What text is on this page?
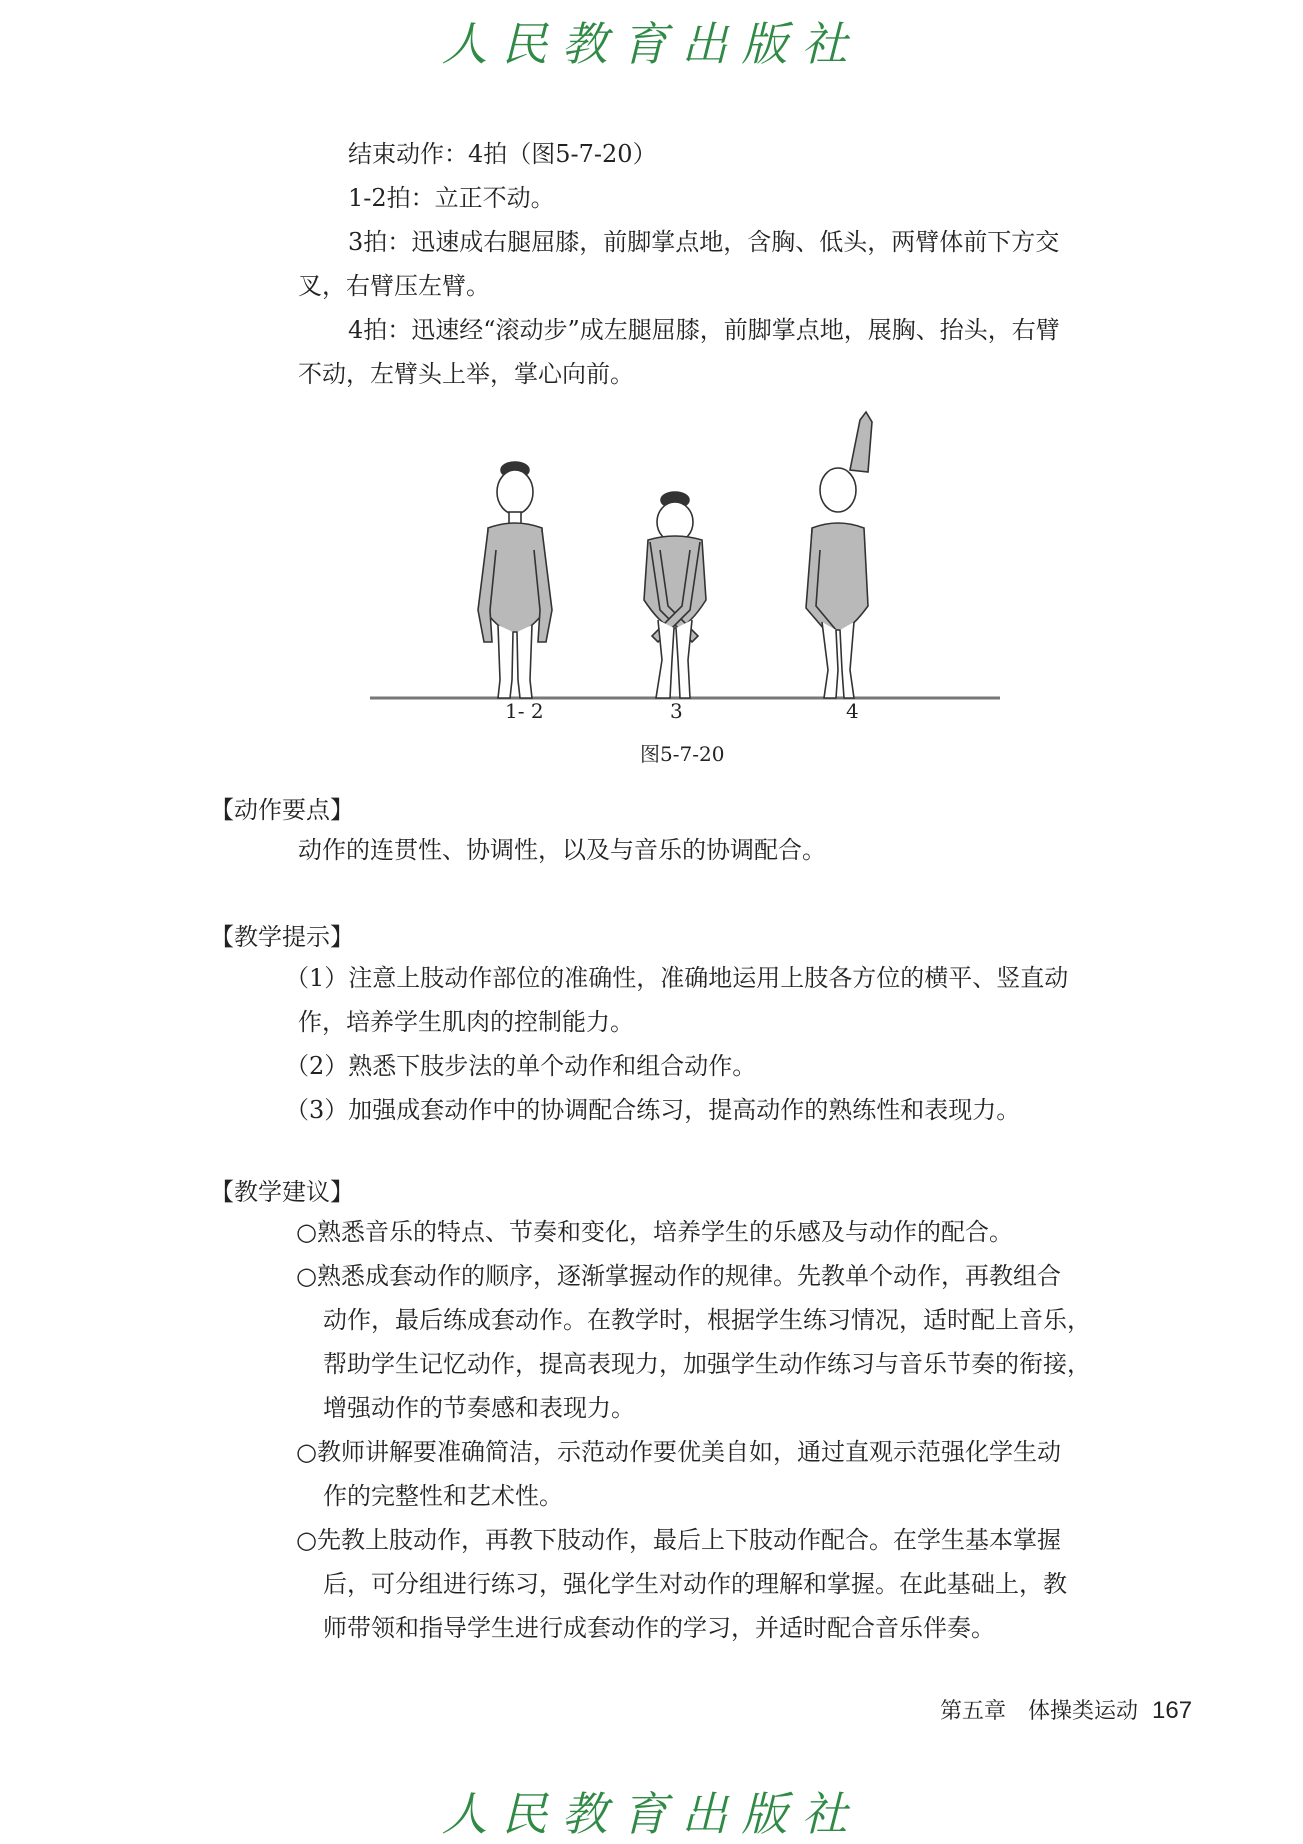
人民教育出版社
结束动作：4拍（图5-7-20）
1-2拍：立正不动。
3拍：迅速成右腿屈膝，前脚掌点地，含胸、低头，两臂体前下方交
叉，右臂压左臂。
4拍：迅速经“滚动步”成左腿屈膝，前脚掌点地，展胸、抬头，右臂
不动，左臂头上举，掌心向前。
1- 2	3	4
图5-7-20
【动作要点】
动作的连贯性、协调性，以及与音乐的协调配合。
【教学提示】
（1）注意上肢动作部位的准确性，准确地运用上肢各方位的横平、竖直动
作，培养学生肌肉的控制能力。
（2）熟悉下肢步法的单个动作和组合动作。
（3）加强成套动作中的协调配合练习，提高动作的熟练性和表现力。
【教学建议】
○熟悉音乐的特点、节奏和变化，培养学生的乐感及与动作的配合。
○熟悉成套动作的顺序，逐渐掌握动作的规律。先教单个动作，再教组合
动作，最后练成套动作。在教学时，根据学生练习情况，适时配上音乐，
帮助学生记忆动作，提高表现力，加强学生动作练习与音乐节奏的衔接，
增强动作的节奏感和表现力。
○教师讲解要准确简洁，示范动作要优美自如，通过直观示范强化学生动
作的完整性和艺术性。
○先教上肢动作，再教下肢动作，最后上下肢动作配合。在学生基本掌握
后，可分组进行练习，强化学生对动作的理解和掌握。在此基础上，教
师带领和指导学生进行成套动作的学习，并适时配合音乐伴奏。
第五章　体操类运动 167
人民教育出版社
